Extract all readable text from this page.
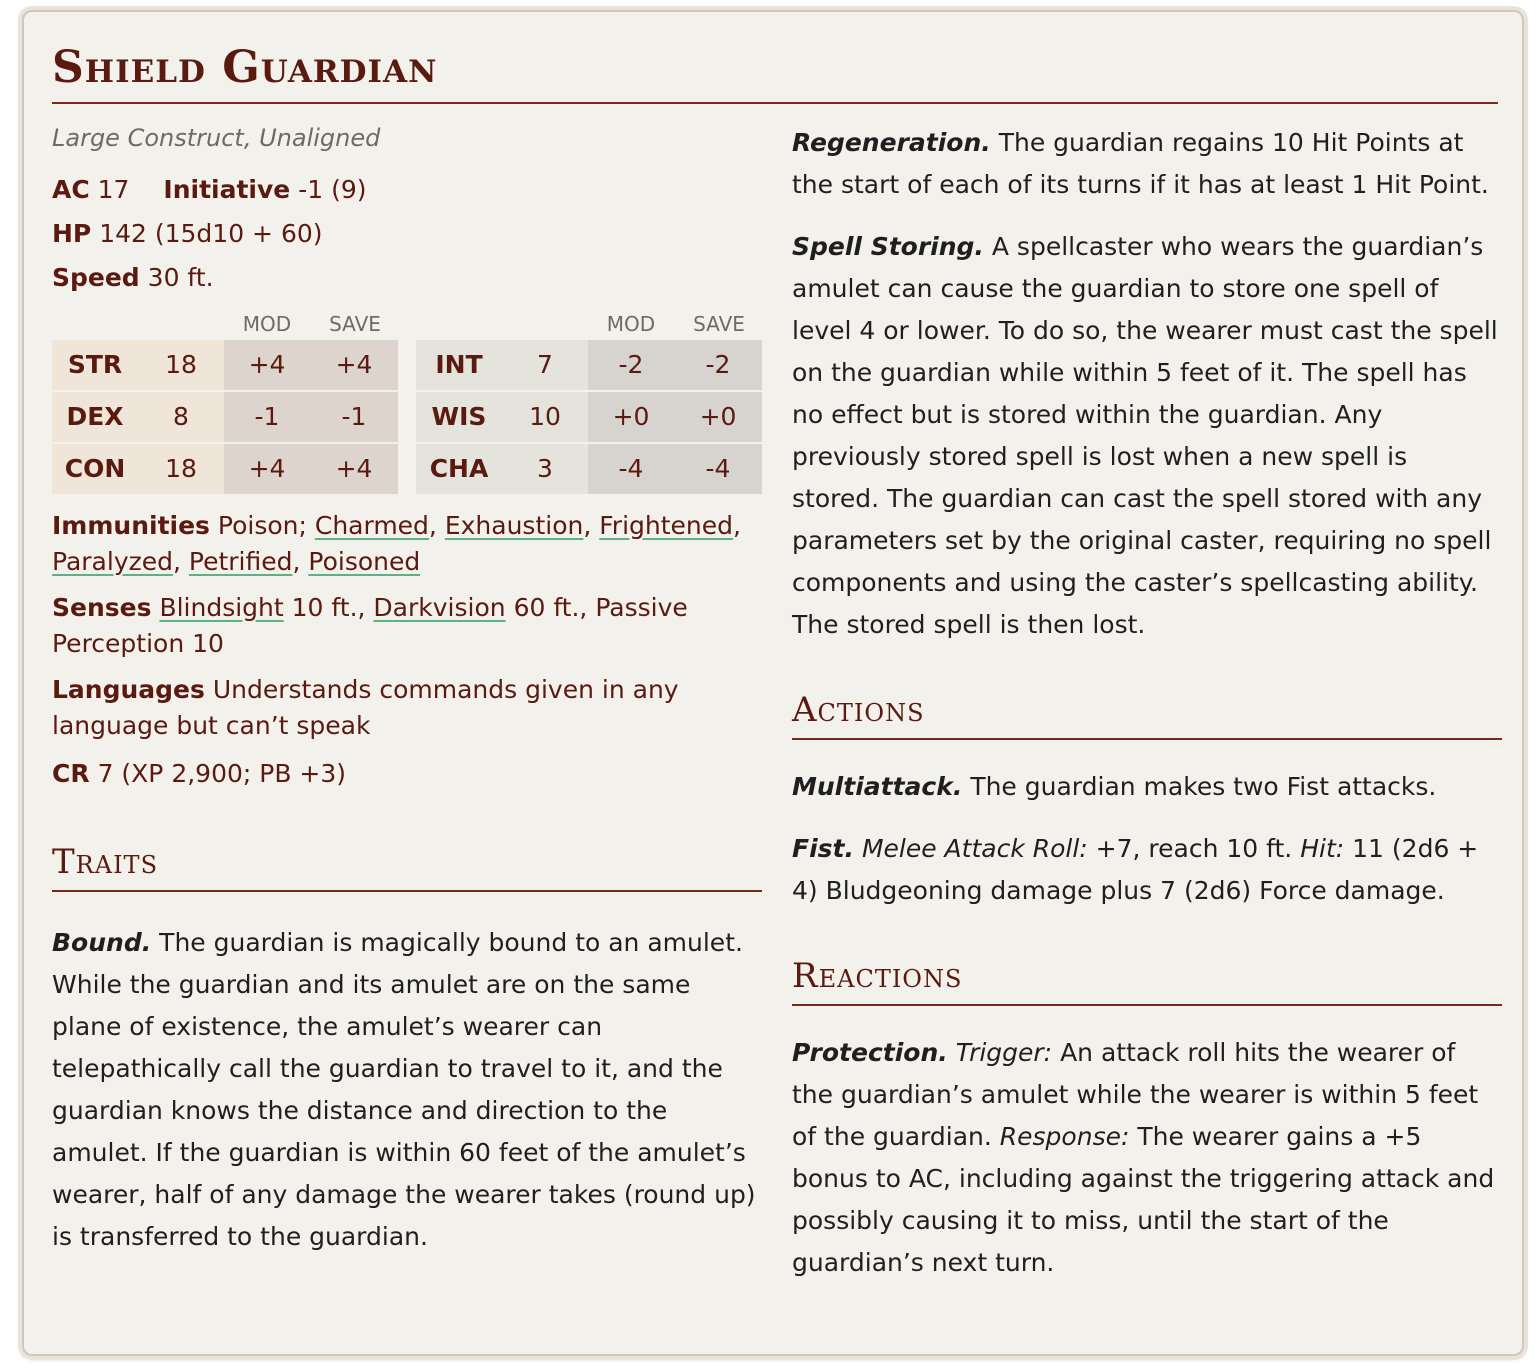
Shield Guardian
Large Construct, Unaligned
AC 17 Initiative -1 (9)
HP 142 (15d10 + 60)
Speed 30 ft.
MOD	SAVE
STR	18	+4	+4
DEX	8	-1	-1
CON	18	+4	+4
MOD	SAVE
INT	7	-2	-2
WIS	10	+0	+0
CHA	3	-4	-4
Immunities Poison; Charmed, Exhaustion, Frightened, Paralyzed, Petrified, Poisoned
Senses Blindsight 10 ft., Darkvision 60 ft., Passive Perception 10
Languages Understands commands given in any language but can’t speak
CR 7 (XP 2,900; PB +3)
Traits
Bound. The guardian is magically bound to an amulet. While the guardian and its amulet are on the same plane of existence, the amulet’s wearer can telepathically call the guardian to travel to it, and the guardian knows the distance and direction to the amulet. If the guardian is within 60 feet of the amulet’s wearer, half of any damage the wearer takes (round up) is transferred to the guardian.
Regeneration. The guardian regains 10 Hit Points at the start of each of its turns if it has at least 1 Hit Point.
Spell Storing. A spellcaster who wears the guardian’s amulet can cause the guardian to store one spell of level 4 or lower. To do so, the wearer must cast the spell on the guardian while within 5 feet of it. The spell has no effect but is stored within the guardian. Any previously stored spell is lost when a new spell is stored. The guardian can cast the spell stored with any parameters set by the original caster, requiring no spell components and using the caster’s spellcasting ability. The stored spell is then lost.
Actions
Multiattack. The guardian makes two Fist attacks.
Fist. Melee Attack Roll: +7, reach 10 ft. Hit: 11 (2d6 + 4) Bludgeoning damage plus 7 (2d6) Force damage.
Reactions
Protection. Trigger: An attack roll hits the wearer of the guardian’s amulet while the wearer is within 5 feet of the guardian. Response: The wearer gains a +5 bonus to AC, including against the triggering attack and possibly causing it to miss, until the start of the guardian’s next turn.
